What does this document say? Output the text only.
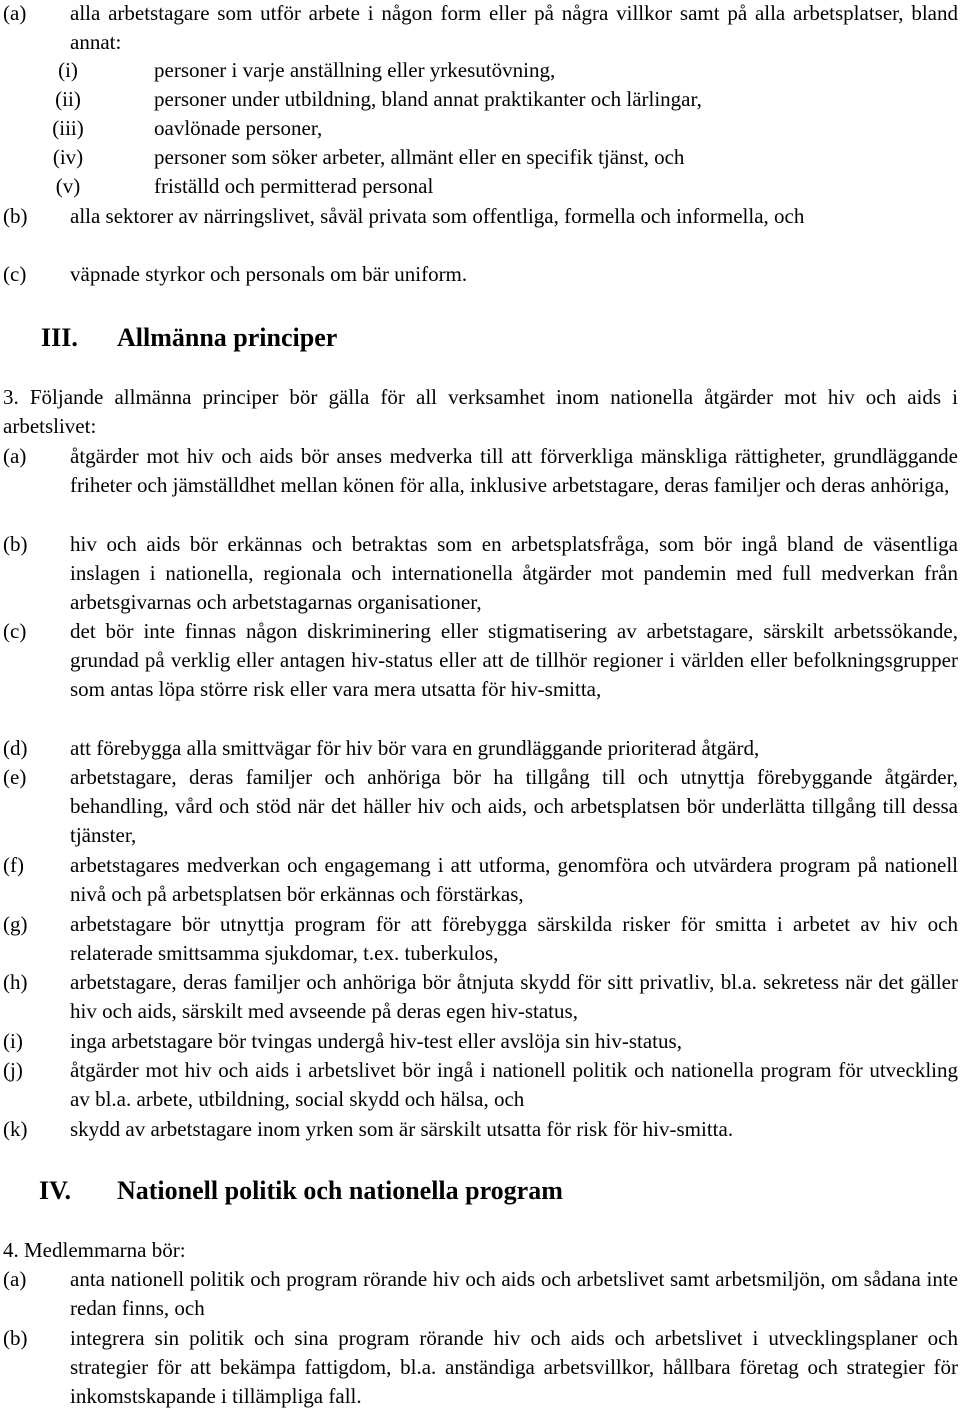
(a) alla arbetstagare som utför arbete i någon form eller på några villkor samt på alla arbetsplatser, bland annat:
(i)	personer i varje anställning eller yrkesutövning,
(ii)	personer under utbildning, bland annat praktikanter och lärlingar,
(iii)	oavlönade personer,
(iv)	personer som söker arbeter, allmänt eller en specifik tjänst, och
(v)	friställd och permitterad personal
(b) alla sektorer av närringslivet, såväl privata som offentliga, formella och informella, och
(c) väpnade styrkor och personals om bär uniform.
III. Allmänna principer
3. Följande allmänna principer bör gälla för all verksamhet inom nationella åtgärder mot hiv och aids i arbetslivet:
(a) åtgärder mot hiv och aids bör anses medverka till att förverkliga mänskliga rättigheter, grundläggande friheter och jämställdhet mellan könen för alla, inklusive arbetstagare, deras familjer och deras anhöriga,
(b) hiv och aids bör erkännas och betraktas som en arbetsplatsfråga, som bör ingå bland de väsentliga inslagen i nationella, regionala och internationella åtgärder mot pandemin med full medverkan från arbetsgivarnas och arbetstagarnas organisationer,
(c) det bör inte finnas någon diskriminering eller stigmatisering av arbetstagare, särskilt arbetssökande, grundad på verklig eller antagen hiv-status eller att de tillhör regioner i världen eller befolkningsgrupper som antas löpa större risk eller vara mera utsatta för hiv-smitta,
(d) att förebygga alla smittvägar för hiv bör vara en grundläggande prioriterad åtgärd,
(e) arbetstagare, deras familjer och anhöriga bör ha tillgång till och utnyttja förebyggande åtgärder, behandling, vård och stöd när det häller hiv och aids, och arbetsplatsen bör underlätta tillgång till dessa tjänster,
(f) arbetstagares medverkan och engagemang i att utforma, genomföra och utvärdera program på nationell nivå och på arbetsplatsen bör erkännas och förstärkas,
(g) arbetstagare bör utnyttja program för att förebygga särskilda risker för smitta i arbetet av hiv och relaterade smittsamma sjukdomar, t.ex. tuberkulos,
(h) arbetstagare, deras familjer och anhöriga bör åtnjuta skydd för sitt privatliv, bl.a. sekretess när det gäller hiv och aids, särskilt med avseende på deras egen hiv-status,
(i) inga arbetstagare bör tvingas undergå hiv-test eller avslöja sin hiv-status,
(j) åtgärder mot hiv och aids i arbetslivet bör ingå i nationell politik och nationella program för utveckling av bl.a. arbete, utbildning, social skydd och hälsa, och
(k) skydd av arbetstagare inom yrken som är särskilt utsatta för risk för hiv-smitta.
IV. Nationell politik och nationella program
4. Medlemmarna bör:
(a) anta nationell politik och program rörande hiv och aids och arbetslivet samt arbetsmiljön, om sådana inte redan finns, och
(b) integrera sin politik och sina program rörande hiv och aids och arbetslivet i utvecklingsplaner och strategier för att bekämpa fattigdom, bl.a. anständiga arbetsvillkor, hållbara företag och strategier för inkomstskapande i tillämpliga fall.
